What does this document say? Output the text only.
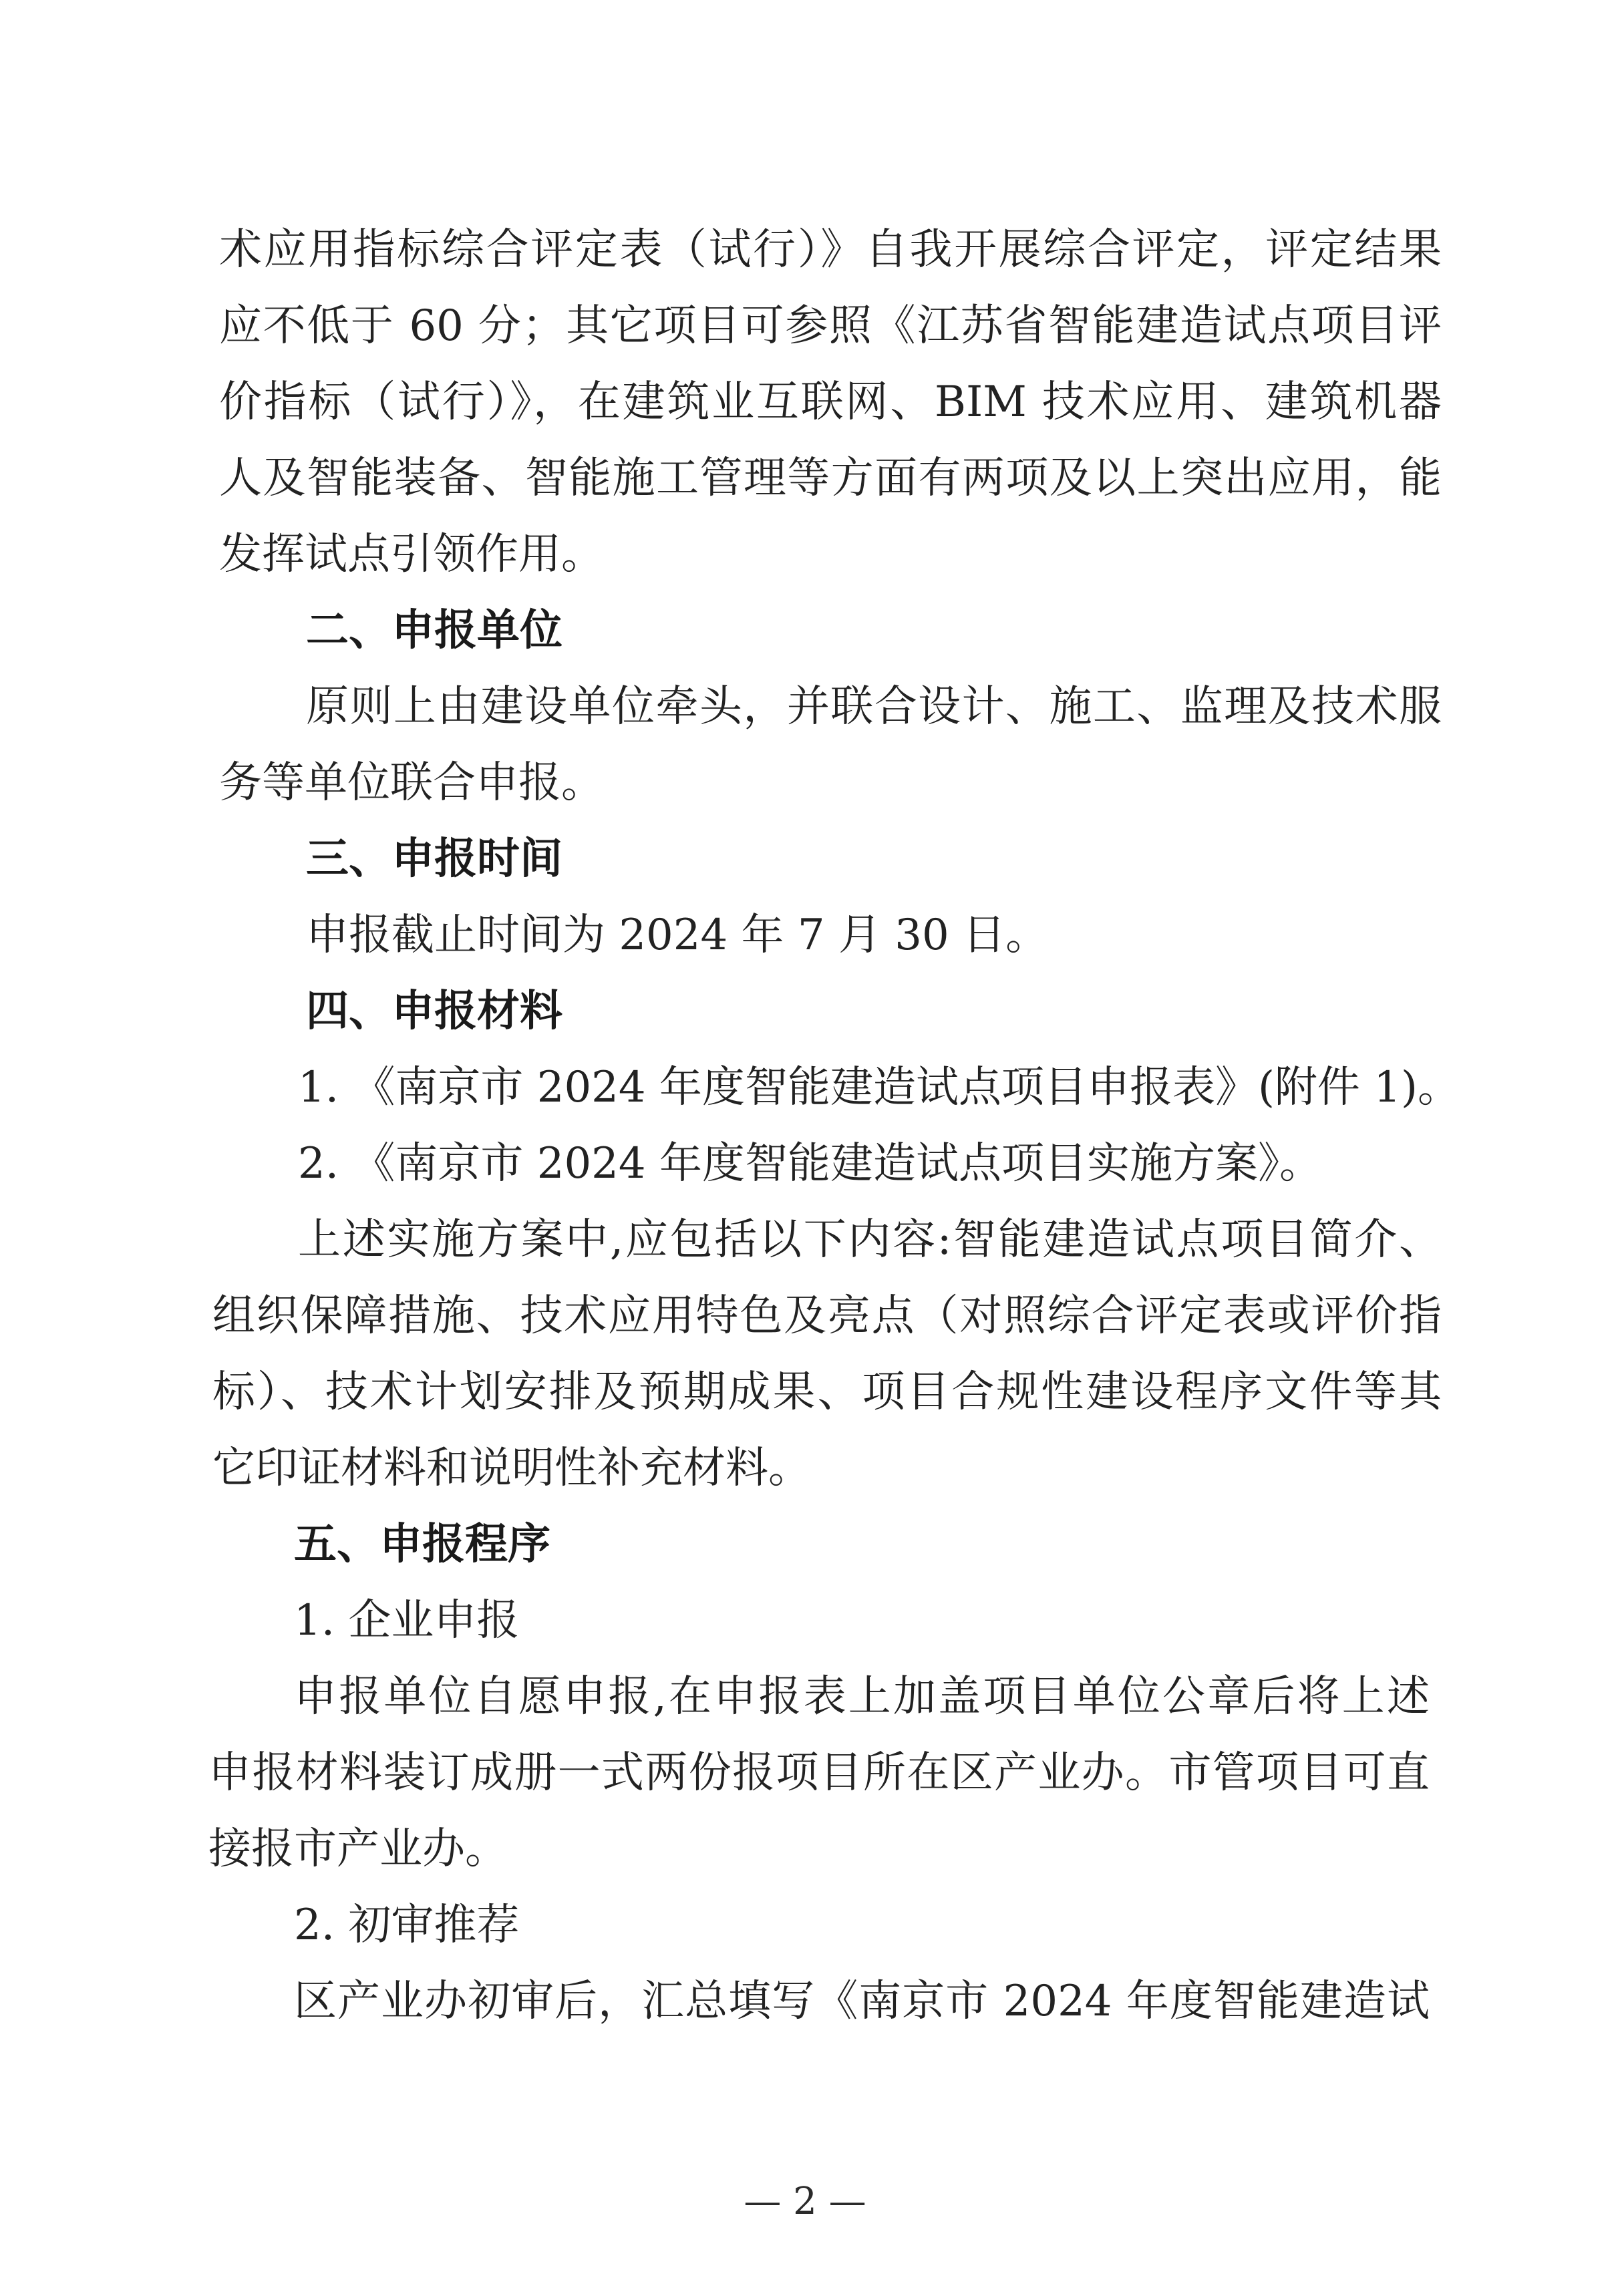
术应用指标综合评定表（试行）》自我开展综合评定，评定结果

应不低于 60 分；其它项目可参照《江苏省智能建造试点项目评

价指标（试行）》，在建筑业互联网、BIM 技术应用、建筑机器

人及智能装备、智能施工管理等方面有两项及以上突出应用，能

发挥试点引领作用。

二、申报单位

原则上由建设单位牵头，并联合设计、施工、监理及技术服

务等单位联合申报。

三、申报时间

申报截止时间为 2024 年 7 月 30 日。

四、申报材料

1. 《南京市 2024 年度智能建造试点项目申报表》(附件 1)。

2. 《南京市 2024 年度智能建造试点项目实施方案》。

上述实施方案中,应包括以下内容:智能建造试点项目简介、

组织保障措施、技术应用特色及亮点（对照综合评定表或评价指

标）、技术计划安排及预期成果、项目合规性建设程序文件等其

它印证材料和说明性补充材料。

五、申报程序

1. 企业申报

申报单位自愿申报,在申报表上加盖项目单位公章后将上述

申报材料装订成册一式两份报项目所在区产业办。市管项目可直

接报市产业办。

2. 初审推荐

区产业办初审后，汇总填写《南京市 2024 年度智能建造试

— 2 —
